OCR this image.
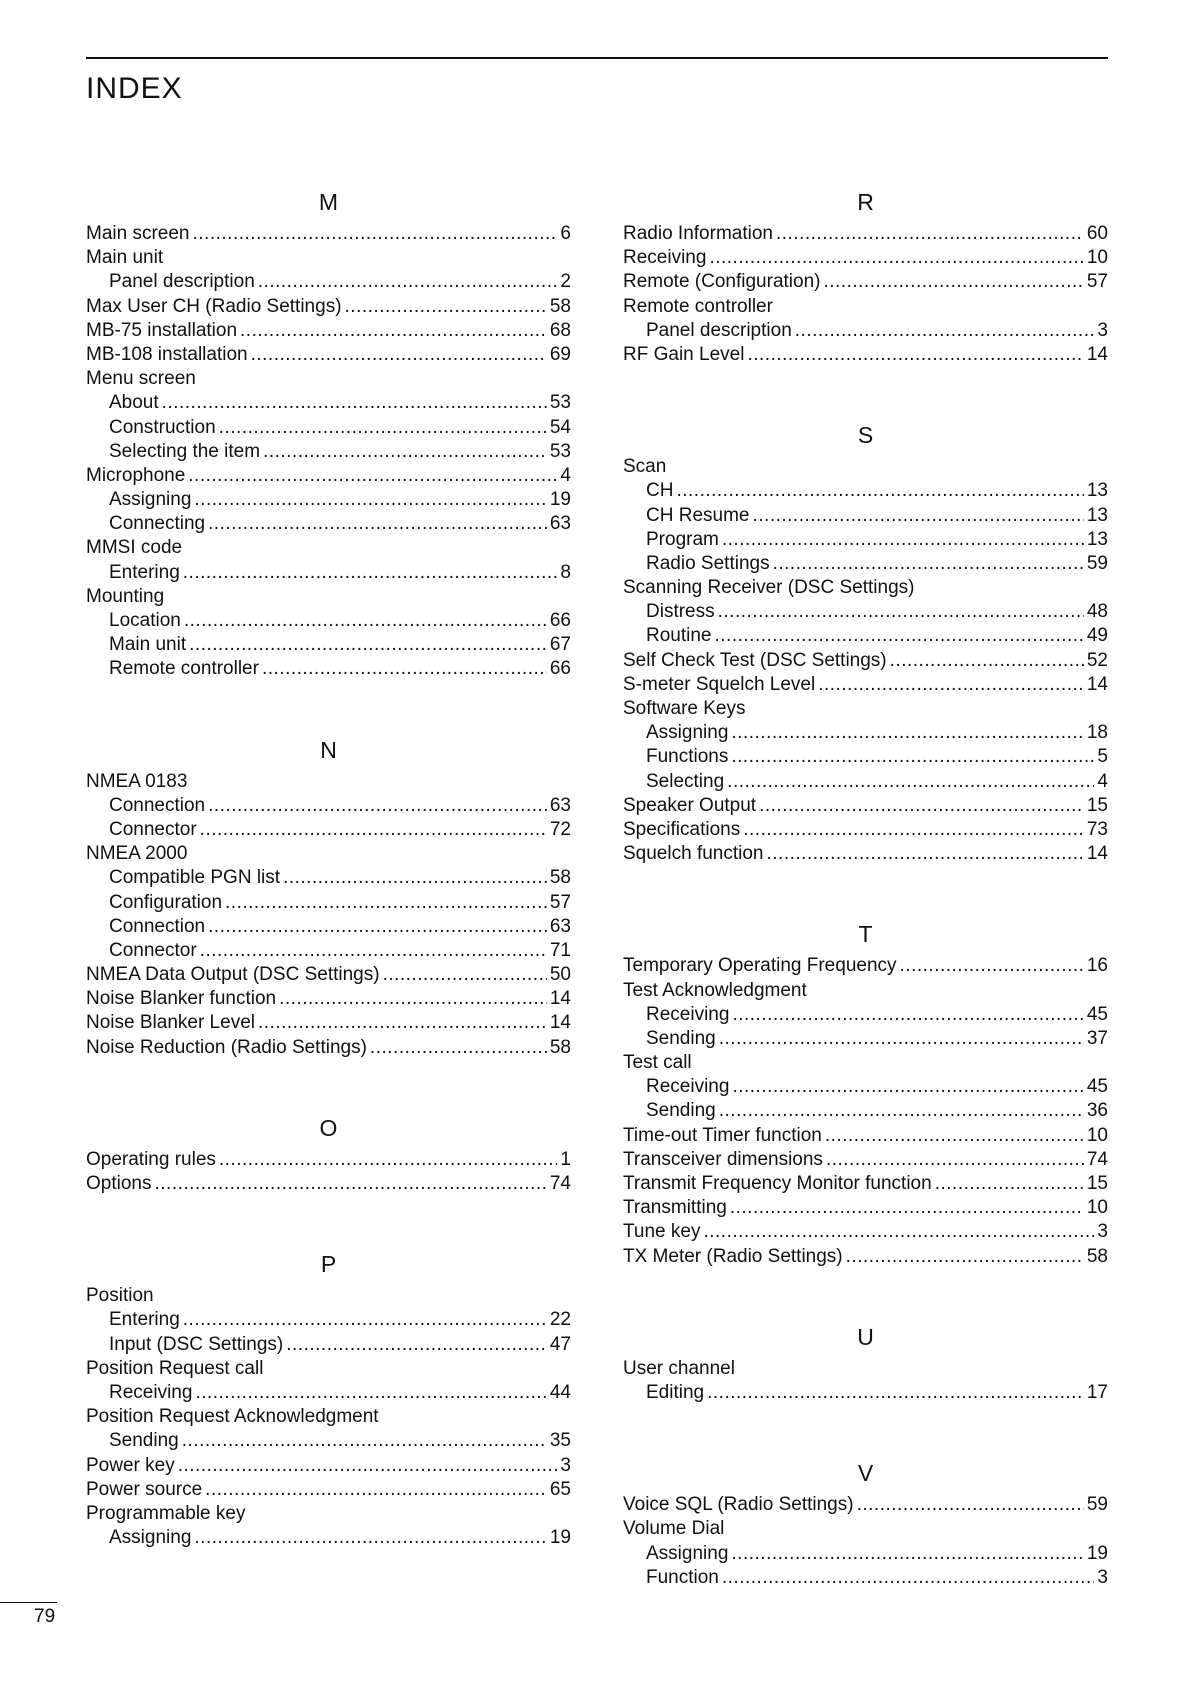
INDEX
M
Main screen .....	6
Main unit
Panel description .....	2
Max User CH (Radio Settings) .....	58
MB-75 installation .....	68
MB-108 installation .....	69
Menu screen
About .....	53
Construction .....	54
Selecting the item .....	53
Microphone .....	4
Assigning .....	19
Connecting .....	63
MMSI code
Entering .....	8
Mounting
Location .....	66
Main unit .....	67
Remote controller .....	66
N
NMEA 0183
Connection .....	63
Connector .....	72
NMEA 2000
Compatible PGN list .....	58
Configuration .....	57
Connection .....	63
Connector .....	71
NMEA Data Output (DSC Settings) .....	50
Noise Blanker function .....	14
Noise Blanker Level .....	14
Noise Reduction (Radio Settings) .....	58
O
Operating rules .....	1
Options .....	74
P
Position
Entering .....	22
Input (DSC Settings) .....	47
Position Request call
Receiving .....	44
Position Request Acknowledgment
Sending .....	35
Power key .....	3
Power source .....	65
Programmable key
Assigning .....	19
R
Radio Information .....	60
Receiving .....	10
Remote (Configuration) .....	57
Remote controller
Panel description .....	3
RF Gain Level .....	14
S
Scan
CH .....	13
CH Resume .....	13
Program .....	13
Radio Settings .....	59
Scanning Receiver (DSC Settings)
Distress .....	48
Routine .....	49
Self Check Test (DSC Settings) .....	52
S-meter Squelch Level .....	14
Software Keys
Assigning .....	18
Functions .....	5
Selecting .....	4
Speaker Output .....	15
Specifications .....	73
Squelch function .....	14
T
Temporary Operating Frequency .....	16
Test Acknowledgment
Receiving .....	45
Sending .....	37
Test call
Receiving .....	45
Sending .....	36
Time-out Timer function .....	10
Transceiver dimensions .....	74
Transmit Frequency Monitor function .....	15
Transmitting .....	10
Tune key .....	3
TX Meter (Radio Settings) .....	58
U
User channel
Editing .....	17
V
Voice SQL (Radio Settings) .....	59
Volume Dial
Assigning .....	19
Function .....	3
79
